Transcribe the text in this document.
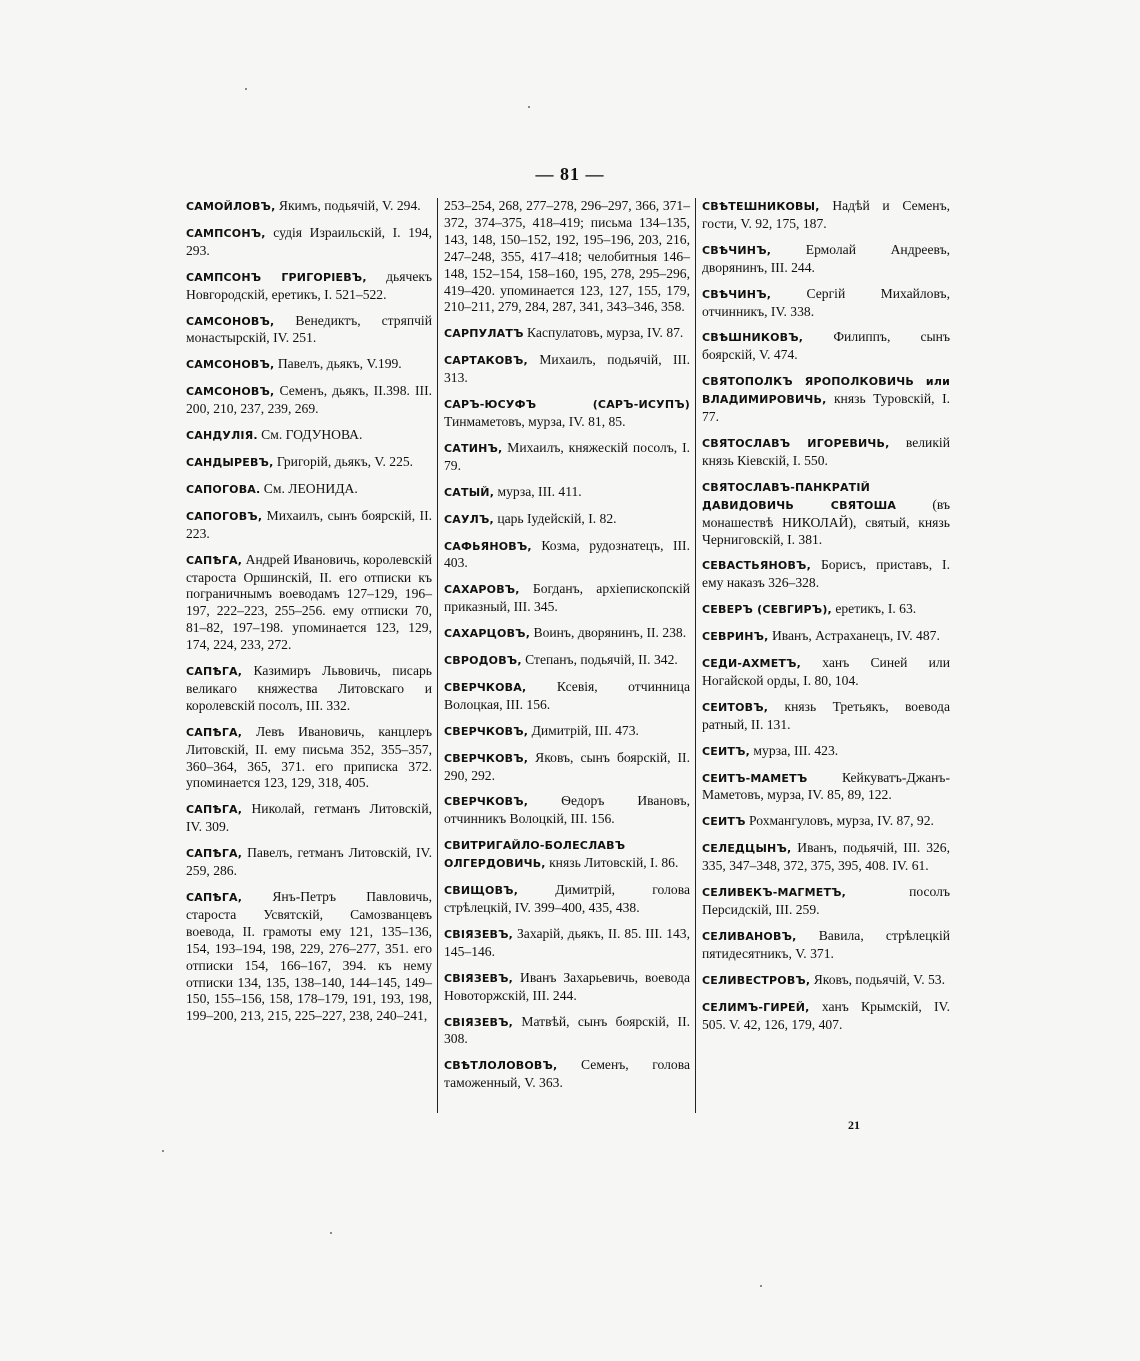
— 81 —

САМОЙЛОВЪ, Якимъ, подьячій, V. 294.

САМПСОНЪ, судія Израильскій, I. 194, 293.

САМПСОНЪ ГРИГОРІЕВЪ, дьячекъ Новгородскій, еретикъ, I. 521–522.

САМСОНОВЪ, Венедиктъ, стряпчій монастырскій, IV. 251.

САМСОНОВЪ, Павелъ, дьякъ, V.199.

САМСОНОВЪ, Семенъ, дьякъ, II.398. III. 200, 210, 237, 239, 269.

САНДУЛІЯ. См. ГОДУНОВА.

САНДЫРЕВЪ, Григорій, дьякъ, V. 225.

САПОГОВА. См. ЛЕОНИДА.

САПОГОВЪ, Михаилъ, сынъ боярскій, II. 223.

САПѢГА, Андрей Ивановичь, королевскій староста Оршинскій, II. его отписки къ пограничнымъ воеводамъ 127–129, 196–197, 222–223, 255–256. ему отписки 70, 81–82, 197–198. упоминается 123, 129, 174, 224, 233, 272.

САПѢГА, Казимиръ Львовичь, писарь великаго княжества Литовскаго и королевскій посолъ, III. 332.

САПѢГА, Левъ Ивановичь, канцлеръ Литовскій, II. ему письма 352, 355–357, 360–364, 365, 371. его приписка 372. упоминается 123, 129, 318, 405.

САПѢГА, Николай, гетманъ Литовскій, IV. 309.

САПѢГА, Павелъ, гетманъ Литовскій, IV. 259, 286.

САПѢГА, Янъ-Петръ Павловичь, староста Усвятскій, Самозванцевъ воевода, II. грамоты ему 121, 135–136, 154, 193–194, 198, 229, 276–277, 351. его отписки 154, 166–167, 394. къ нему отписки 134, 135, 138–140, 144–145, 149–150, 155–156, 158, 178–179, 191, 193, 198, 199–200, 213, 215, 225–227, 238, 240–241,

253–254, 268, 277–278, 296–297, 366, 371–372, 374–375, 418–419; письма 134–135, 143, 148, 150–152, 192, 195–196, 203, 216, 247–248, 355, 417–418; челобитныя 146–148, 152–154, 158–160, 195, 278, 295–296, 419–420. упоминается 123, 127, 155, 179, 210–211, 279, 284, 287, 341, 343–346, 358.

САРПУЛАТЪ Каспулатовъ, мурза, IV. 87.

САРТАКОВЪ, Михаилъ, подьячій, III. 313.

САРЪ-ЮСУФЪ (САРЪ-ИСУПЪ) Тинмаметовъ, мурза, IV. 81, 85.

САТИНЪ, Михаилъ, княжескій посолъ, I. 79.

САТЫЙ, мурза, III. 411.

САУЛЪ, царь Іудейскій, I. 82.

САФЬЯНОВЪ, Козма, рудознатецъ, III. 403.

САХАРОВЪ, Богданъ, архіепископскій приказный, III. 345.

САХАРЦОВЪ, Воинъ, дворянинъ, II. 238.

СВРОДОВЪ, Степанъ, подьячій, II. 342.

СВЕРЧКОВА, Ксевія, отчинница Волоцкая, III. 156.

СВЕРЧКОВЪ, Димитрій, III. 473.

СВЕРЧКОВЪ, Яковъ, сынъ боярскій, II. 290, 292.

СВЕРЧКОВЪ, Ѳедоръ Ивановъ, отчинникъ Волоцкій, III. 156.

СВИТРИГАЙЛО-БОЛЕСЛАВЪ ОЛГЕРДОВИЧЬ, князь Литовскій, I. 86.

СВИЩОВЪ, Димитрій, голова стрѣлецкій, IV. 399–400, 435, 438.

СВІЯЗЕВЪ, Захарій, дьякъ, II. 85. III. 143, 145–146.

СВІЯЗЕВЪ, Иванъ Захарьевичь, воевода Новоторжскій, III. 244.

СВІЯЗЕВЪ, Матвѣй, сынъ боярскій, II. 308.

СВѢТЛОЛОВОВЪ, Семенъ, голова таможенный, V. 363.

СВѢТЕШНИКОВЫ, Надѣй и Семенъ, гости, V. 92, 175, 187.

СВѢЧИНЪ, Ермолай Андреевъ, дворянинъ, III. 244.

СВѢЧИНЪ, Сергій Михайловъ, отчинникъ, IV. 338.

СВѢШНИКОВЪ, Филиппъ, сынъ боярскій, V. 474.

СВЯТОПОЛКЪ ЯРОПОЛКОВИЧЬ или ВЛАДИМИРОВИЧЬ, князь Туровскій, I. 77.

СВЯТОСЛАВЪ ИГОРЕВИЧЬ, великій князь Кіевскій, I. 550.

СВЯТОСЛАВЪ-ПАНКРАТІЙ ДАВИДОВИЧЬ СВЯТОША (въ монашествѣ НИКОЛАЙ), святый, князь Черниговскій, I. 381.

СЕВАСТЬЯНОВЪ, Борисъ, приставъ, I. ему наказъ 326–328.

СЕВЕРЪ (СЕВГИРЪ), еретикъ, I. 63.

СЕВРИНЪ, Иванъ, Астраханецъ, IV. 487.

СЕДИ-АХМЕТЪ, ханъ Синей или Ногайской орды, I. 80, 104.

СЕИТОВЪ, князь Третьякъ, воевода ратный, II. 131.

СЕИТЪ, мурза, III. 423.

СЕИТЪ-МАМЕТЪ Кейкуватъ-Джанъ-Маметовъ, мурза, IV. 85, 89, 122.

СЕИТЪ Рохмангуловъ, мурза, IV. 87, 92.

СЕЛЕДЦЫНЪ, Иванъ, подьячій, III. 326, 335, 347–348, 372, 375, 395, 408. IV. 61.

СЕЛИВЕКЪ-МАГМЕТЪ, посолъ Персидскій, III. 259.

СЕЛИВАНОВЪ, Вавила, стрѣлецкій пятидесятникъ, V. 371.

СЕЛИВЕСТРОВЪ, Яковъ, подьячій, V. 53.

СЕЛИМЪ-ГИРЕЙ, ханъ Крымскій, IV. 505. V. 42, 126, 179, 407.

21
